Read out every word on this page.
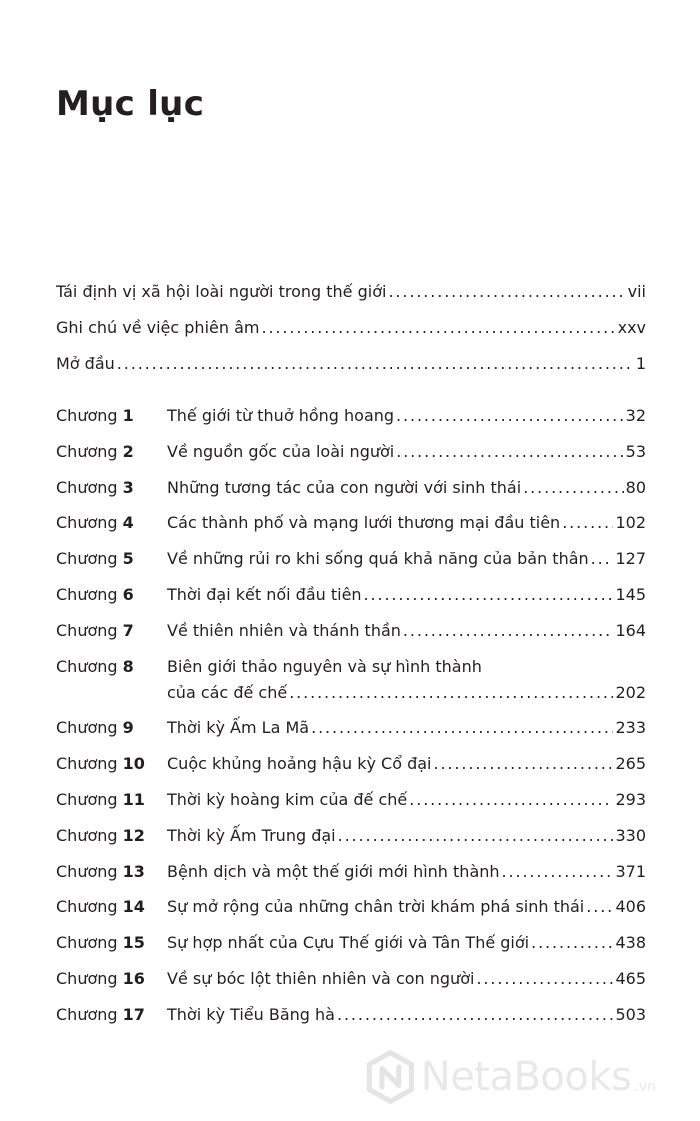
Mục lục
Tái định vị xã hội loài người trong thế giới . . .	vii
Ghi chú về việc phiên âm . . .	xxv
Mở đầu . . .	1
Chương 1 Thế giới từ thuở hồng hoang . . .	32
Chương 2 Về nguồn gốc của loài người . . .	53
Chương 3 Những tương tác của con người với sinh thái . . .	80
Chương 4 Các thành phố và mạng lưới thương mại đầu tiên . . .	102
Chương 5 Về những rủi ro khi sống quá khả năng của bản thân . . . 127
Chương 6 Thời đại kết nối đầu tiên . . .	145
Chương 7 Về thiên nhiên và thánh thần . . .	164
Chương 8 Biên giới thảo nguyên và sự hình thành
của các đế chế . . .	202
Chương 9 Thời kỳ Ấm La Mã . . .	233
Chương 10 Cuộc khủng hoảng hậu kỳ Cổ đại . . .	265
Chương 11 Thời kỳ hoàng kim của đế chế . . .	293
Chương 12 Thời kỳ Ấm Trung đại . . .	330
Chương 13 Bệnh dịch và một thế giới mới hình thành . . .	371
Chương 14 Sự mở rộng của những chân trời khám phá sinh thái . . . 406
Chương 15 Sự hợp nhất của Cựu Thế giới và Tân Thế giới . . .	438
Chương 16 Về sự bóc lột thiên nhiên và con người . . .	465
Chương 17 Thời kỳ Tiểu Băng hà . . .	503
NetaBooks .vn
